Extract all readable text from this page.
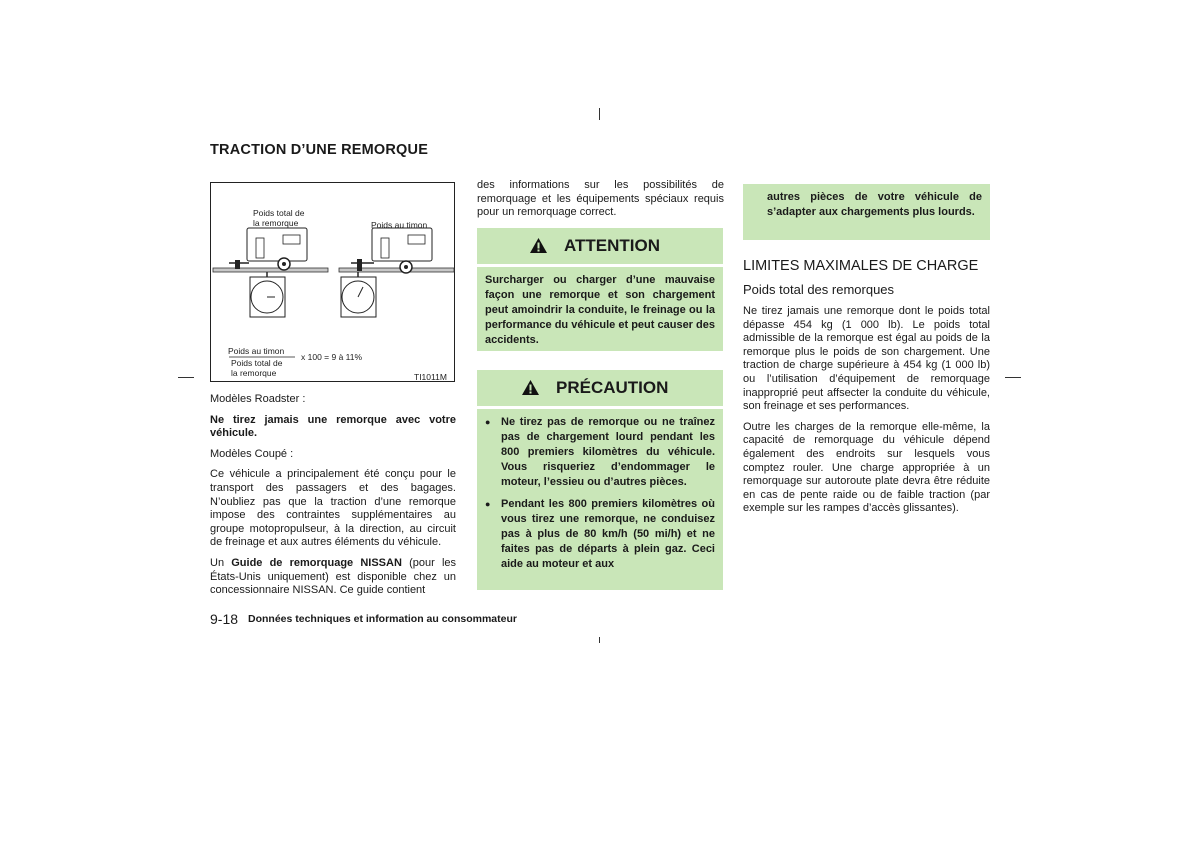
TRACTION D’UNE REMORQUE
Poids total de
la remorque	Poids au timon
Poids au timon
x 100 = 9 à 11%
Poids total de
la remorque	TI1011M

Modèles Roadster :

Ne tirez jamais une remorque avec votre véhicule.

Modèles Coupé :

Ce véhicule a principalement été conçu pour le transport des passagers et des bagages. N’oubliez pas que la traction d’une remorque impose des contraintes supplémentaires au groupe motopropulseur, à la direction, au circuit de freinage et aux autres éléments du véhicule.

Un Guide de remorquage NISSAN (pour les États-Unis uniquement) est disponible chez un concessionnaire NISSAN. Ce guide contient

des informations sur les possibilités de remorquage et les équipements spéciaux requis pour un remorquage correct.

ATTENTION
Surcharger ou charger d’une mauvaise façon une remorque et son chargement peut amoindrir la conduite, le freinage ou la performance du véhicule et peut causer des accidents.
PRÉCAUTION
● Ne tirez pas de remorque ou ne traînez pas de chargement lourd pendant les 800 premiers kilomètres du véhicule. Vous risqueriez d’endommager le moteur, l’essieu ou d’autres pièces.
● Pendant les 800 premiers kilomètres où vous tirez une remorque, ne conduisez pas à plus de 80 km/h (50 mi/h) et ne faites pas de départs à plein gaz. Ceci aide au moteur et aux
autres pièces de votre véhicule de s’adapter aux chargements plus lourds.
LIMITES MAXIMALES DE CHARGE
Poids total des remorques

Ne tirez jamais une remorque dont le poids total dépasse 454 kg (1 000 lb). Le poids total admissible de la remorque est égal au poids de la remorque plus le poids de son chargement. Une traction de charge supérieure à 454 kg (1 000 lb) ou l’utilisation d’équipement de remorquage inapproprié peut affsecter la conduite du véhicule, son freinage et ses performances.

Outre les charges de la remorque elle-même, la capacité de remorquage du véhicule dépend également des endroits sur lesquels vous comptez rouler. Une charge appropriée à un remorquage sur autoroute plate devra être réduite en cas de pente raide ou de faible traction (par exemple sur les rampes d’accès glissantes).

9-18 Données techniques et information au consommateur
